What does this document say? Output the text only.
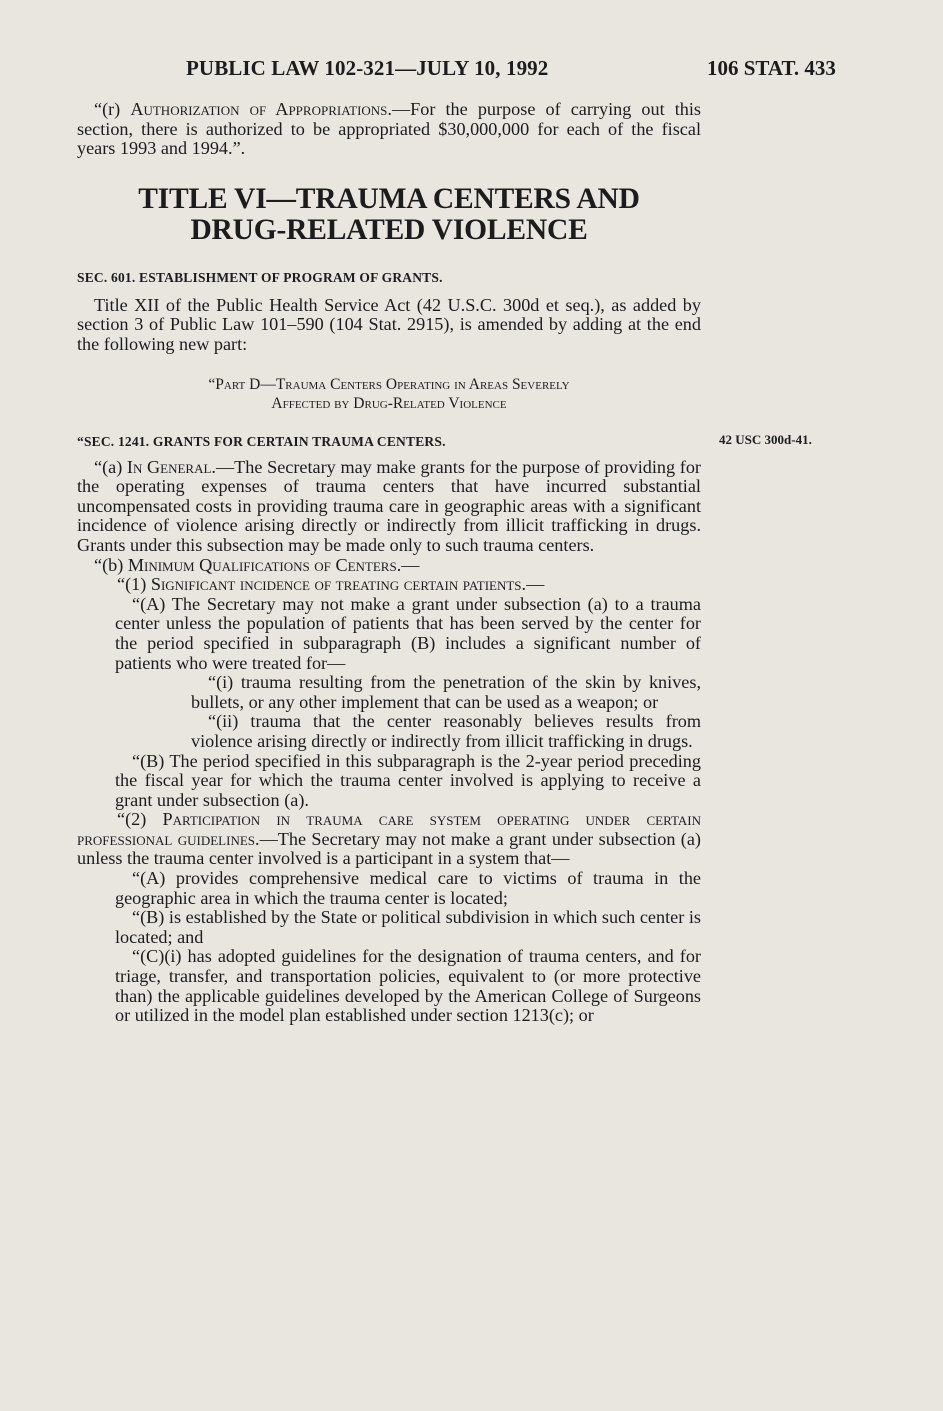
PUBLIC LAW 102-321—JULY 10, 1992	106 STAT. 433

“(r) Authorization of Appropriations.—For the purpose of carrying out this section, there is authorized to be appropriated $30,000,000 for each of the fiscal years 1993 and 1994.”.

TITLE VI—TRAUMA CENTERS AND
DRUG-RELATED VIOLENCE

SEC. 601. ESTABLISHMENT OF PROGRAM OF GRANTS.

Title XII of the Public Health Service Act (42 U.S.C. 300d et seq.), as added by section 3 of Public Law 101–590 (104 Stat. 2915), is amended by adding at the end the following new part:

“Part D—Trauma Centers Operating in Areas Severely

Affected by Drug-Related Violence

42 USC 300d-41.

“SEC. 1241. GRANTS FOR CERTAIN TRAUMA CENTERS.

“(a) In General.—The Secretary may make grants for the purpose of providing for the operating expenses of trauma centers that have incurred substantial uncompensated costs in providing trauma care in geographic areas with a significant incidence of violence arising directly or indirectly from illicit trafficking in drugs. Grants under this subsection may be made only to such trauma centers.

“(b) Minimum Qualifications of Centers.—

“(1) Significant incidence of treating certain patients.—

“(A) The Secretary may not make a grant under subsection (a) to a trauma center unless the population of patients that has been served by the center for the period specified in subparagraph (B) includes a significant number of patients who were treated for—

“(i) trauma resulting from the penetration of the skin by knives, bullets, or any other implement that can be used as a weapon; or

“(ii) trauma that the center reasonably believes results from violence arising directly or indirectly from illicit trafficking in drugs.

“(B) The period specified in this subparagraph is the 2-year period preceding the fiscal year for which the trauma center involved is applying to receive a grant under subsection (a).

“(2) Participation in trauma care system operating under certain professional guidelines.—The Secretary may not make a grant under subsection (a) unless the trauma center involved is a participant in a system that—

“(A) provides comprehensive medical care to victims of trauma in the geographic area in which the trauma center is located;

“(B) is established by the State or political subdivision in which such center is located; and

“(C)(i) has adopted guidelines for the designation of trauma centers, and for triage, transfer, and transportation policies, equivalent to (or more protective than) the applicable guidelines developed by the American College of Surgeons or utilized in the model plan established under section 1213(c); or
